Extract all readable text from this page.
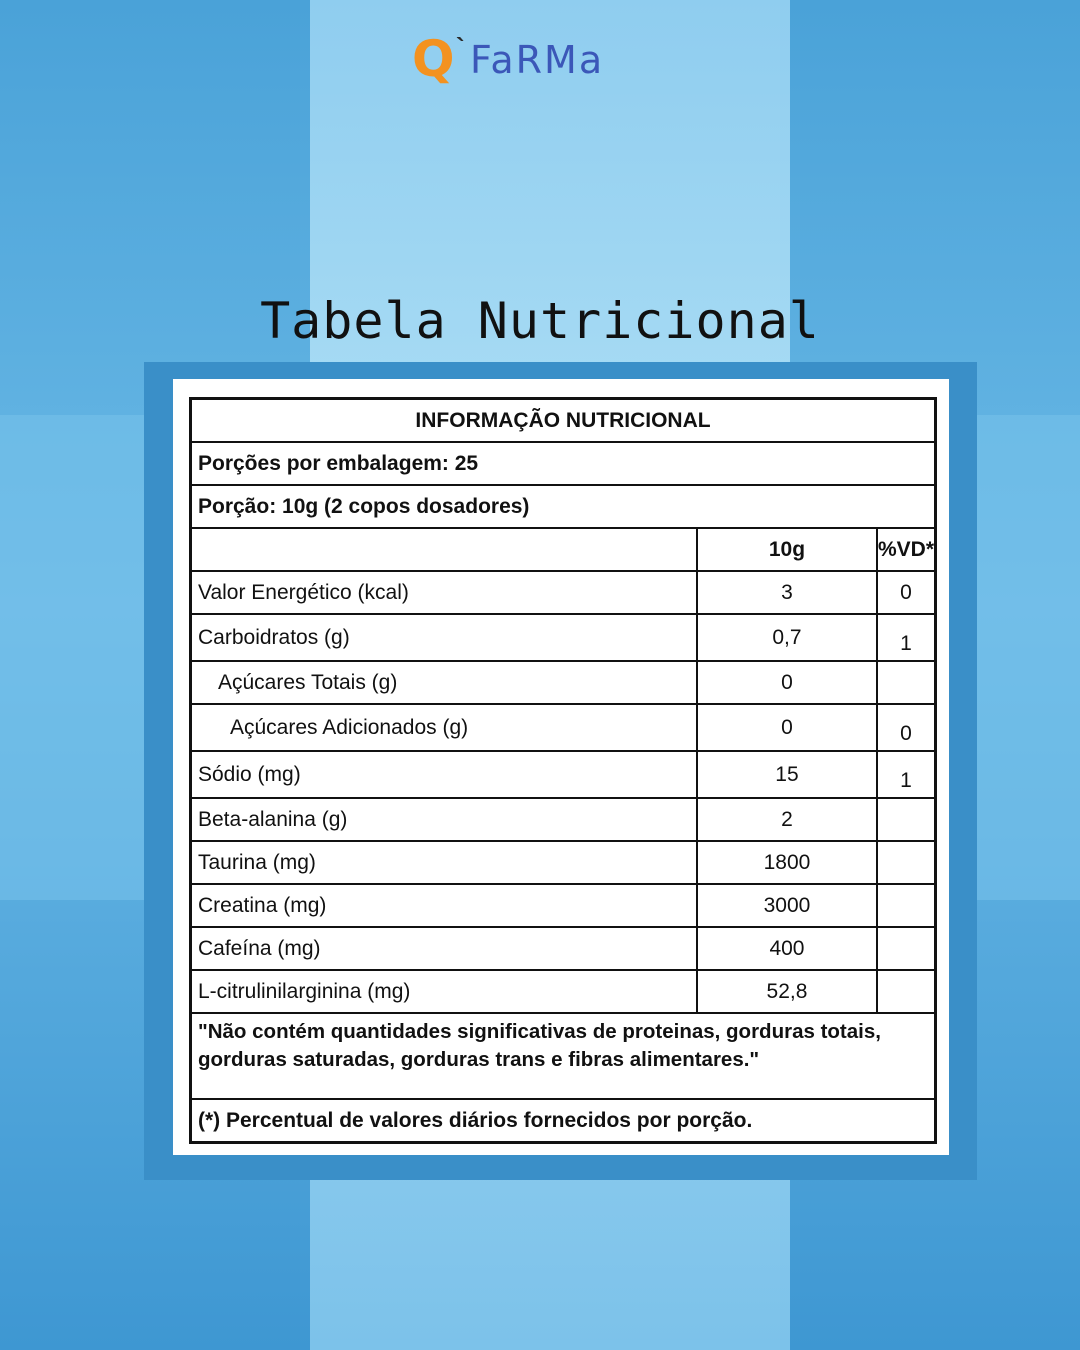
Q ` FaRMa
Tabela Nutricional
INFORMAÇÃO NUTRICIONAL		
Porções por embalagem: 25		
Porção: 10g (2 copos dosadores)		
	10g	%VD*
Valor Energético (kcal)	3	0
Carboidratos (g)	0,7	1
Açúcares Totais (g)	0	
Açúcares Adicionados (g)	0	0
Sódio (mg)	15	1
Beta-alanina (g)	2	
Taurina (mg)	1800	
Creatina (mg)	3000	
Cafeína (mg)	400	
L-citrulinilarginina (mg)	52,8	
"Não contém quantidades significativas de proteinas, gorduras totais, gorduras saturadas, gorduras trans e fibras alimentares."		
(*) Percentual de valores diários fornecidos por porção.		
